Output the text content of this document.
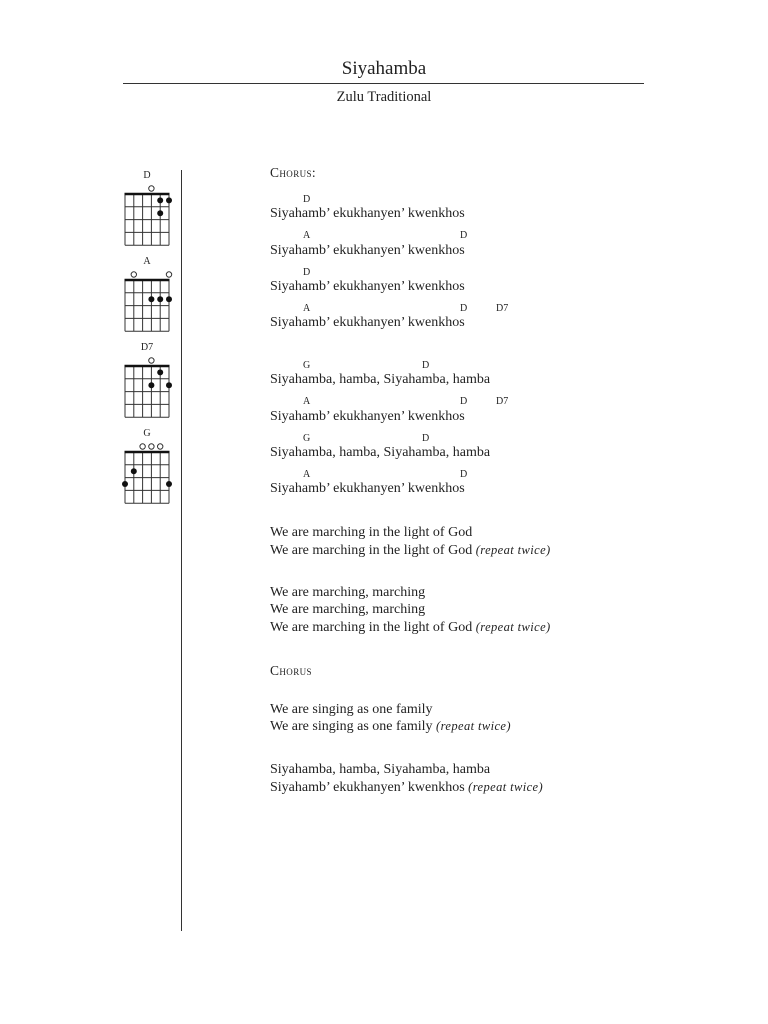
Siyahamba
Zulu Traditional
D
A
D7
G
Chorus:
D
Siyahamb’ ekukhanyen’ kwenkhos
A	D
Siyahamb’ ekukhanyen’ kwenkhos
D
Siyahamb’ ekukhanyen’ kwenkhos
A	D	D7
Siyahamb’ ekukhanyen’ kwenkhos
G	D
Siyahamba, hamba, Siyahamba, hamba
A	D	D7
Siyahamb’ ekukhanyen’ kwenkhos
G	D
Siyahamba, hamba, Siyahamba, hamba
A	D
Siyahamb’ ekukhanyen’ kwenkhos
We are marching in the light of God
We are marching in the light of God (repeat twice)
We are marching, marching
We are marching, marching
We are marching in the light of God (repeat twice)
Chorus
We are singing as one family
We are singing as one family (repeat twice)
Siyahamba, hamba, Siyahamba, hamba
Siyahamb’ ekukhanyen’ kwenkhos (repeat twice)
